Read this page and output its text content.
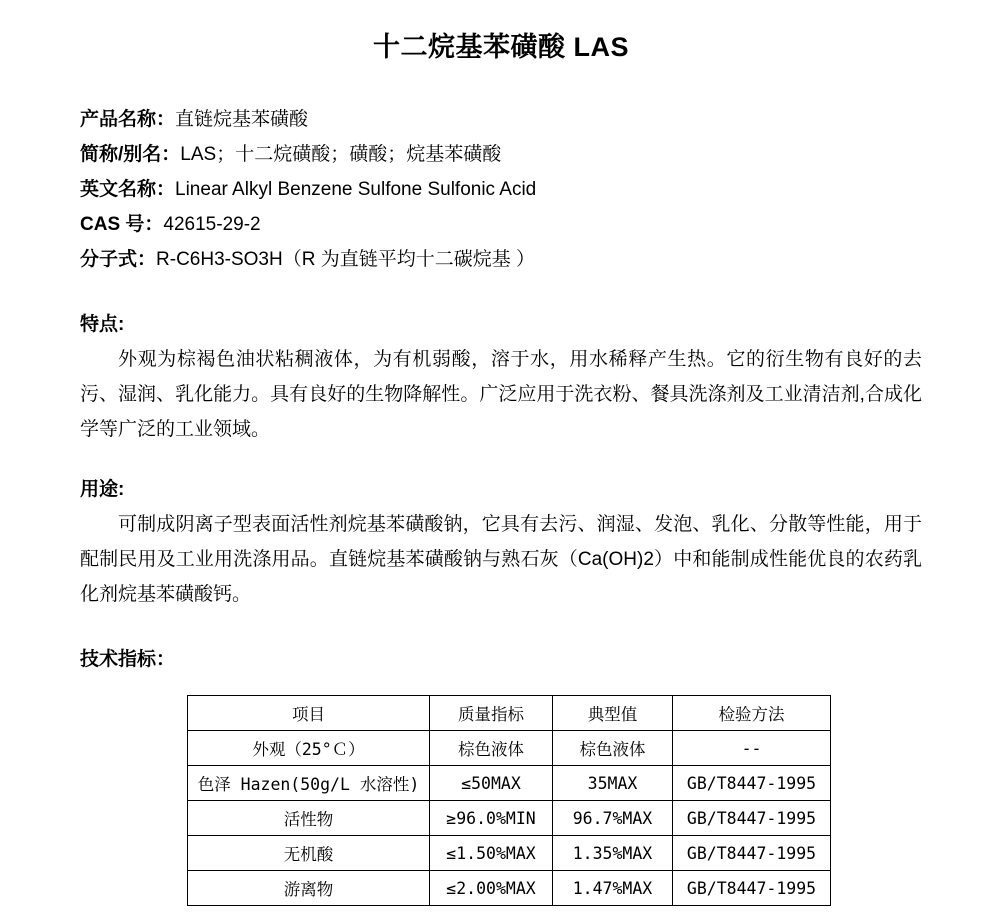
十二烷基苯磺酸 LAS
产品名称：直链烷基苯磺酸
简称/别名：LAS；十二烷磺酸；磺酸；烷基苯磺酸
英文名称：Linear Alkyl Benzene Sulfone Sulfonic Acid
CAS 号：42615-29-2
分子式：R-C6H3-SO3H（R 为直链平均十二碳烷基 ）
特点:

外观为棕褐色油状粘稠液体，为有机弱酸，溶于水，用水稀释产生热。它的衍生物有良好的去污、湿润、乳化能力。具有良好的生物降解性。广泛应用于洗衣粉、餐具洗涤剂及工业清洁剂,合成化学等广泛的工业领域。

用途:

可制成阴离子型表面活性剂烷基苯磺酸钠，它具有去污、润湿、发泡、乳化、分散等性能，用于配制民用及工业用洗涤用品。直链烷基苯磺酸钠与熟石灰（Ca(OH)2）中和能制成性能优良的农药乳化剂烷基苯磺酸钙。

技术指标：
项目	质量指标	典型值	检验方法
外观（25°Ｃ）	棕色液体	棕色液体	--
色泽 Hazen(50g/L 水溶性)	≤50MAX	35MAX	GB/T8447-1995
活性物	≥96.0%MIN	96.7%MAX	GB/T8447-1995
无机酸	≤1.50%MAX	1.35%MAX	GB/T8447-1995
游离物	≤2.00%MAX	1.47%MAX	GB/T8447-1995
